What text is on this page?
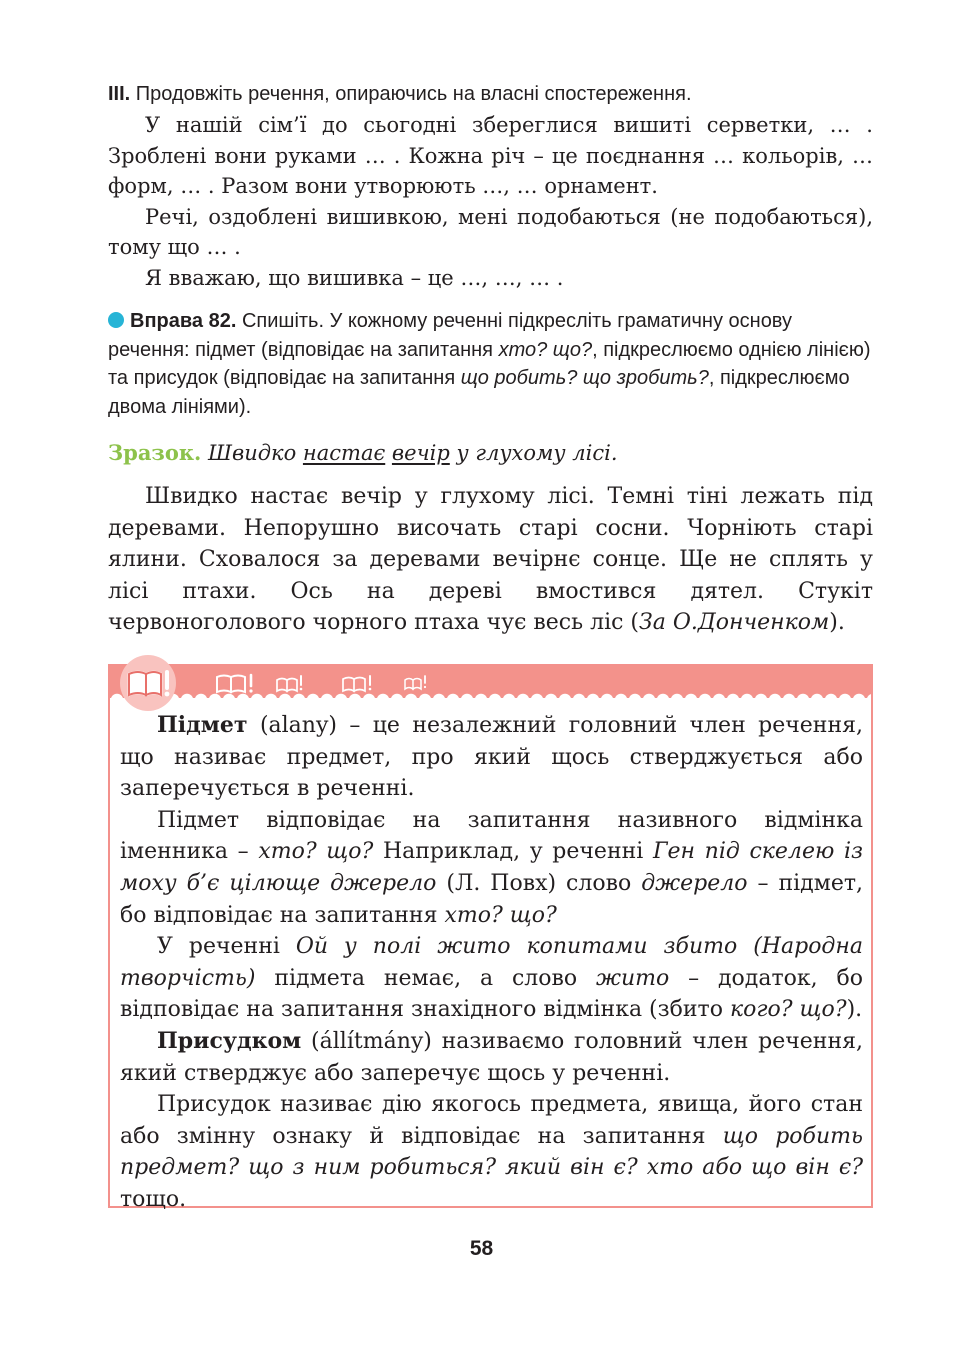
III. Продовжіть речення, опираючись на власні спостереження.

У нашій сім’ї до сьогодні збереглися вишиті серветки, … . Зроблені вони руками … . Кожна річ – це поєднання … кольорів, … форм, … . Разом вони утворюють …, … орнамент.

Речі, оздоблені вишивкою, мені подобаються (не подобаються), тому що … .

Я вважаю, що вишивка – це …, …, … .

Вправа 82. Спишіть. У кожному реченні підкресліть граматичну основу речення: підмет (відповідає на запитання хто? що?, підкреслюємо однією лінією) та присудок (відповідає на запитання що робить? що зробить?, підкреслюємо двома лініями).
Зразок. Швидко настає вечір у глухому лісі.

Швидко настає вечір у глухому лісі. Темні тіні лежать під деревами. Непорушно височать старі сосни. Чорніють старі ялини. Сховалося за деревами вечірнє сонце. Ще не сплять у лісі птахи. Ось на дереві вмостився дятел. Стукіт червоноголового чорного птаха чує весь ліс (За О.Донченком).

Підмет (alany) – це незалежний головний член речення, що називає предмет, про який щось стверджується або заперечується в реченні.

Підмет відповідає на запитання називного відмінка іменника – хто? що? Наприклад, у реченні Ген під скелею із моху б’є цілюще джерело (Л. Повх) слово джерело – підмет, бо відповідає на запитання хто? що?

У реченні Ой у полі жито копитами збито (Народна творчість) підмета немає, а слово жито – додаток, бо відповідає на запитання знахідного відмінка (збито кого? що?).

Присудком (állítmány) називаємо головний член речення, який стверджує або заперечує щось у реченні.

Присудок називає дію якогось предмета, явища, його стан або змінну ознаку й відповідає на запитання що робить предмет? що з ним робиться? який він є? хто або що він є? тощо.

58
